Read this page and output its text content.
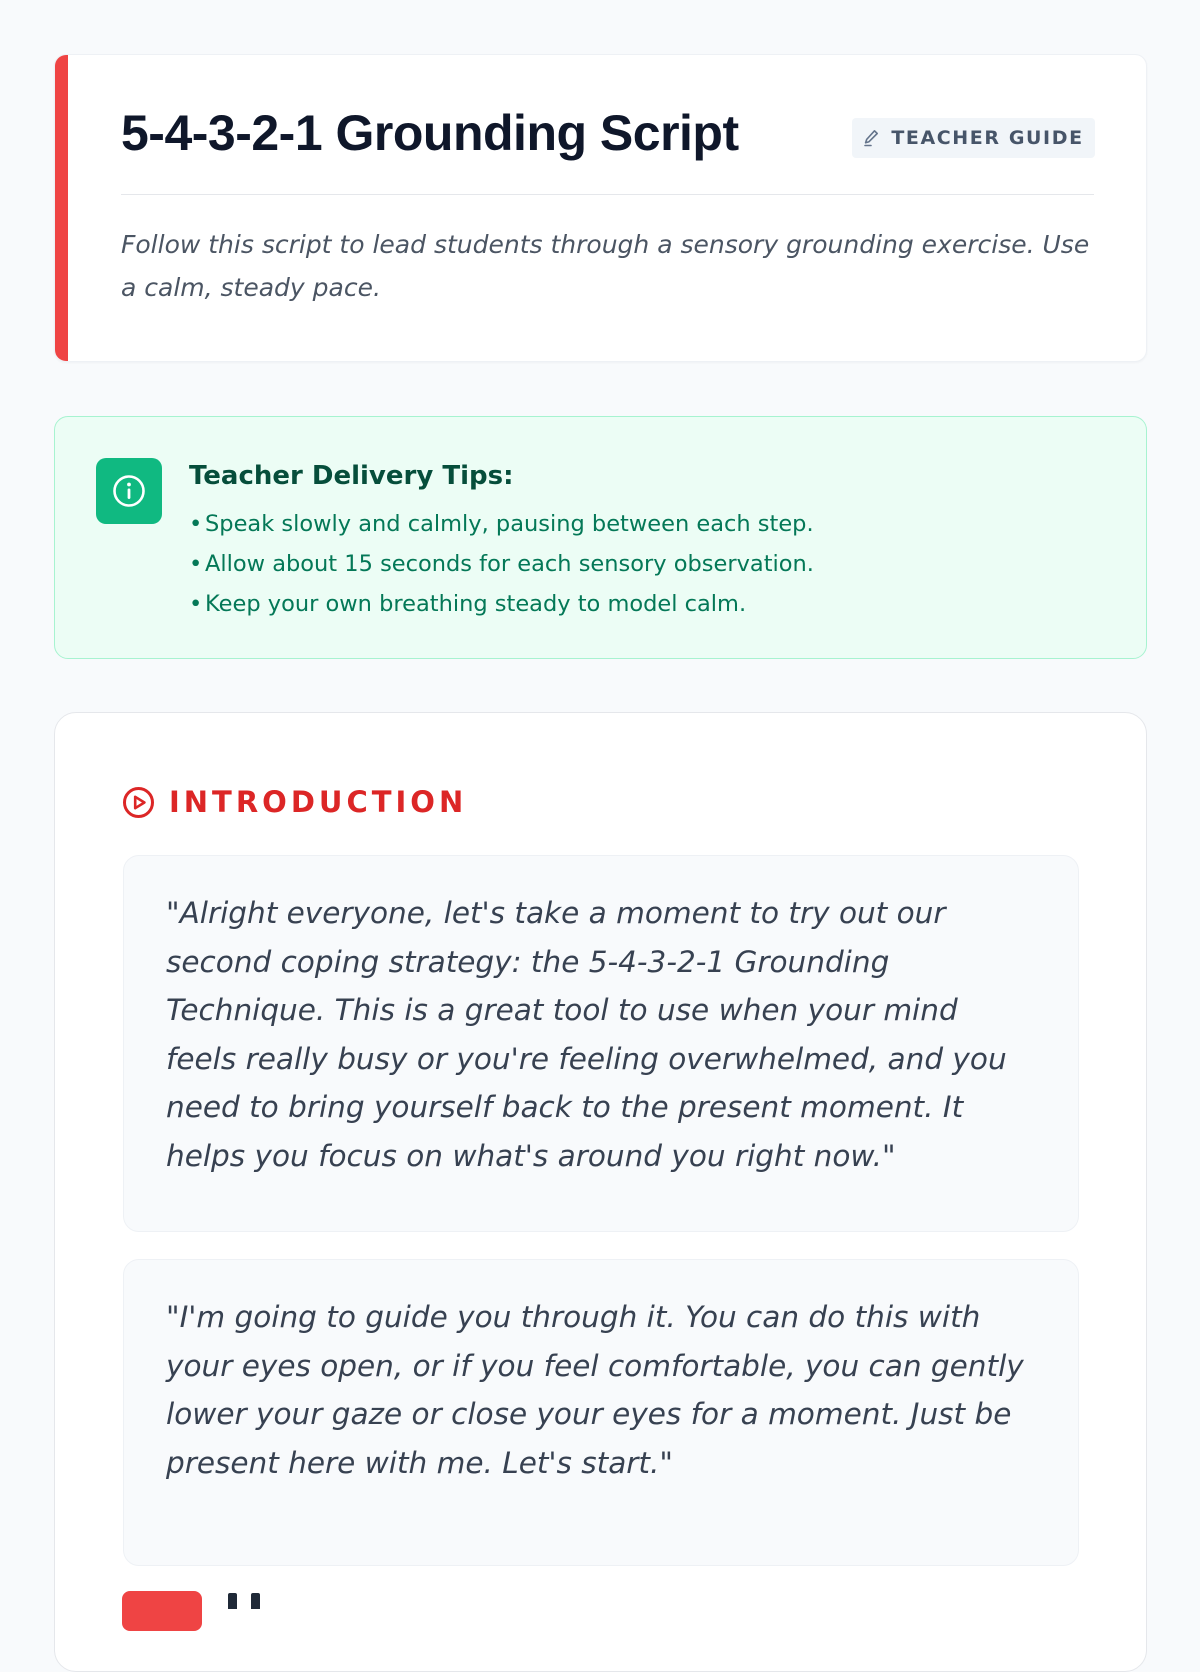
5-4-3-2-1 Grounding Script	TEACHER GUIDE

Follow this script to lead students through a sensory grounding exercise. Use a calm, steady pace.

Teacher Delivery Tips:
• Speak slowly and calmly, pausing between each step.
• Allow about 15 seconds for each sensory observation.
• Keep your own breathing steady to model calm.
INTRODUCTION

"Alright everyone, let's take a moment to try out our second coping strategy: the 5-4-3-2-1 Grounding Technique. This is a great tool to use when your mind feels really busy or you're feeling overwhelmed, and you need to bring yourself back to the present moment. It helps you focus on what's around you right now."

"I'm going to guide you through it. You can do this with your eyes open, or if you feel comfortable, you can gently lower your gaze or close your eyes for a moment. Just be present here with me. Let's start."
